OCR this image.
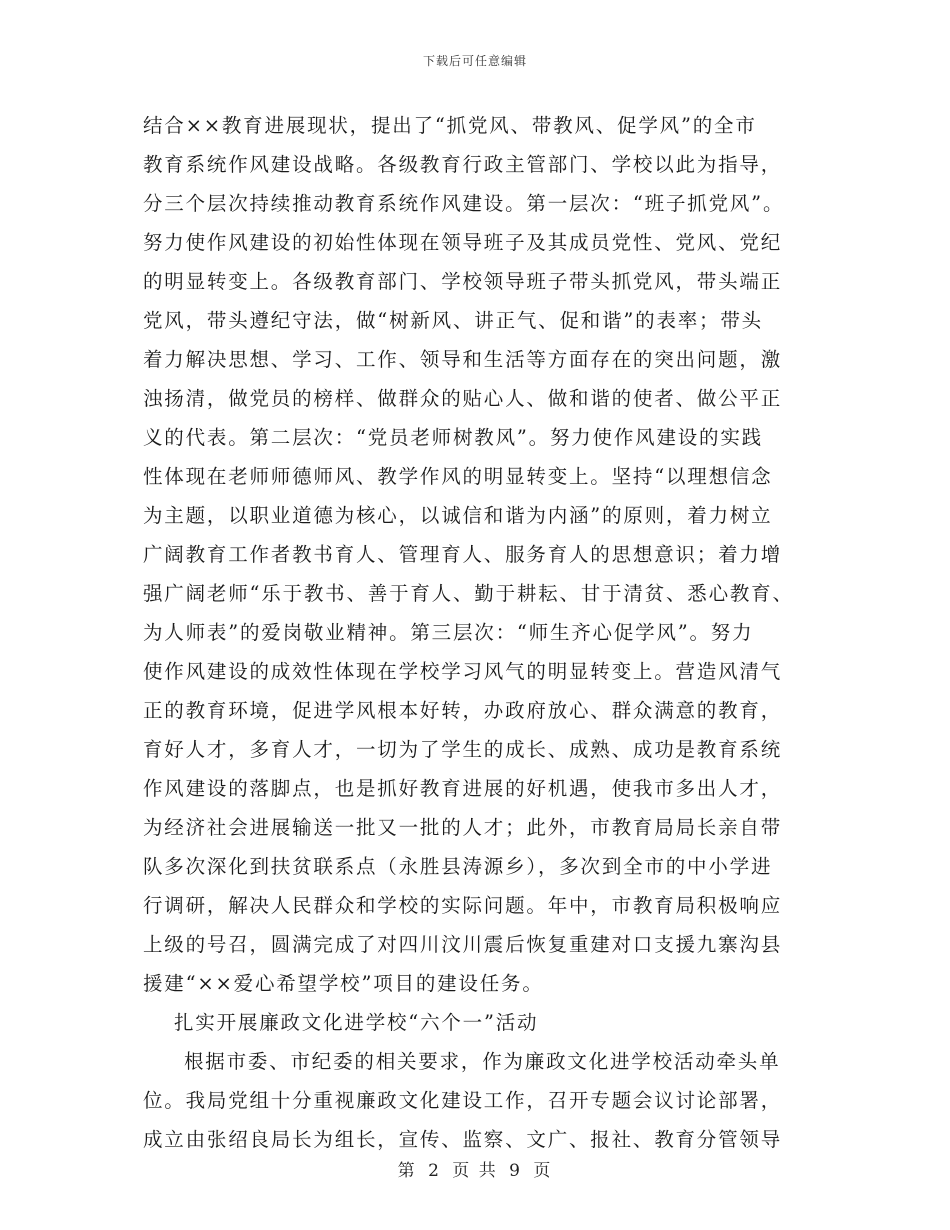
下载后可任意编辑
结合××教育进展现状，提出了“抓党风、带教风、促学风”的全市
教育系统作风建设战略。各级教育行政主管部门、学校以此为指导，
分三个层次持续推动教育系统作风建设。第一层次：“班子抓党风”。
努力使作风建设的初始性体现在领导班子及其成员党性、党风、党纪
的明显转变上。各级教育部门、学校领导班子带头抓党风，带头端正
党风，带头遵纪守法，做“树新风、讲正气、促和谐”的表率；带头
着力解决思想、学习、工作、领导和生活等方面存在的突出问题，激
浊扬清，做党员的榜样、做群众的贴心人、做和谐的使者、做公平正
义的代表。第二层次：“党员老师树教风”。努力使作风建设的实践
性体现在老师师德师风、教学作风的明显转变上。坚持“以理想信念
为主题，以职业道德为核心，以诚信和谐为内涵”的原则，着力树立
广阔教育工作者教书育人、管理育人、服务育人的思想意识；着力增
强广阔老师“乐于教书、善于育人、勤于耕耘、甘于清贫、悉心教育、
为人师表”的爱岗敬业精神。第三层次：“师生齐心促学风”。努力
使作风建设的成效性体现在学校学习风气的明显转变上。营造风清气
正的教育环境，促进学风根本好转，办政府放心、群众满意的教育，
育好人才，多育人才，一切为了学生的成长、成熟、成功是教育系统
作风建设的落脚点，也是抓好教育进展的好机遇，使我市多出人才，
为经济社会进展输送一批又一批的人才；此外，市教育局局长亲自带
队多次深化到扶贫联系点（永胜县涛源乡），多次到全市的中小学进
行调研，解决人民群众和学校的实际问题。年中，市教育局积极响应
上级的号召，圆满完成了对四川汶川震后恢复重建对口支援九寨沟县
援建“××爱心希望学校”项目的建设任务。
扎实开展廉政文化进学校“六个一”活动
根据市委、市纪委的相关要求，作为廉政文化进学校活动牵头单
位。我局党组十分重视廉政文化建设工作，召开专题会议讨论部署，
成立由张绍良局长为组长，宣传、监察、文广、报社、教育分管领导
第 2 页 共 9 页
